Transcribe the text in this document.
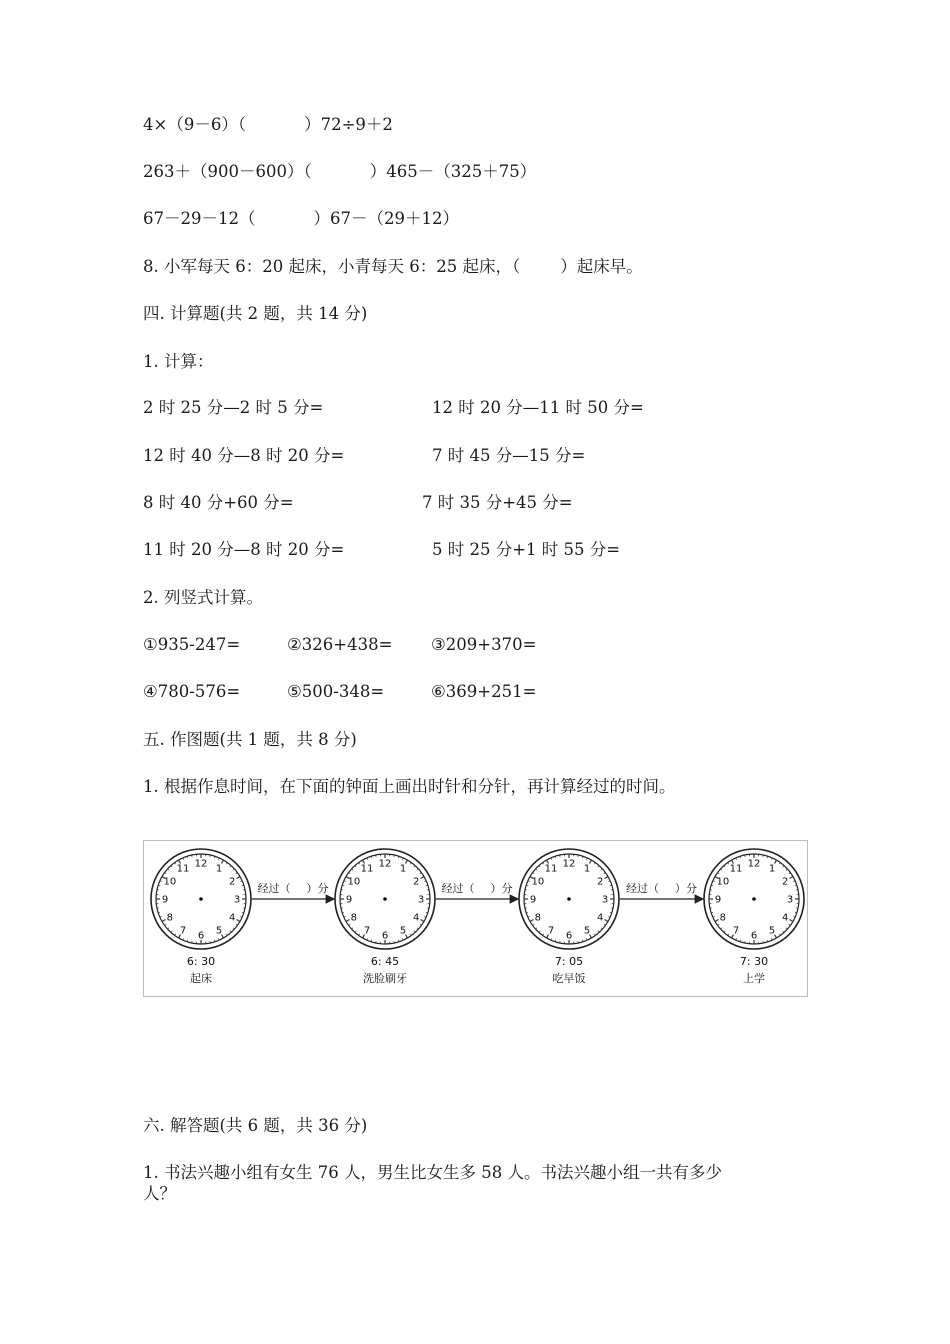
4×（9－6）（	）72÷9＋2
263＋（900－600）（	）465－（325＋75）
67－29－12（	）67－（29＋12）
8. 小军每天 6：20 起床，小青每天 6：25 起床，（ ）起床早。
四. 计算题(共 2 题，共 14 分)
1. 计算：
2 时 25 分—2 时 5 分=	12 时 20 分—11 时 50 分=
12 时 40 分—8 时 20 分=	7 时 45 分—15 分=
8 时 40 分+60 分=	7 时 35 分+45 分=
11 时 20 分—8 时 20 分=	5 时 25 分+1 时 55 分=
2. 列竖式计算。
①935-247=	②326+438= ③209+370=
④780-576=	⑤500-348=	⑥369+251=
五. 作图题(共 1 题，共 8 分)
1. 根据作息时间，在下面的钟面上画出时针和分针，再计算经过的时间。
12 1
2
3
4
5
6
7
8
9
10
11
6: 30
起床
12 1
2
3
4
5
6
7
8
9
10
11
6: 45
洗脸刷牙
12 1
2
3
4
5
6
7
8
9
10
11
7: 05
吃早饭
12 1
2
3
4
5
6
7
8
9
10
11
7: 30
上学
经过（ ）分	经过（ ）分	经过（ ）分
六. 解答题(共 6 题，共 36 分)
1. 书法兴趣小组有女生 76 人，男生比女生多 58 人。书法兴趣小组一共有多少
人？
